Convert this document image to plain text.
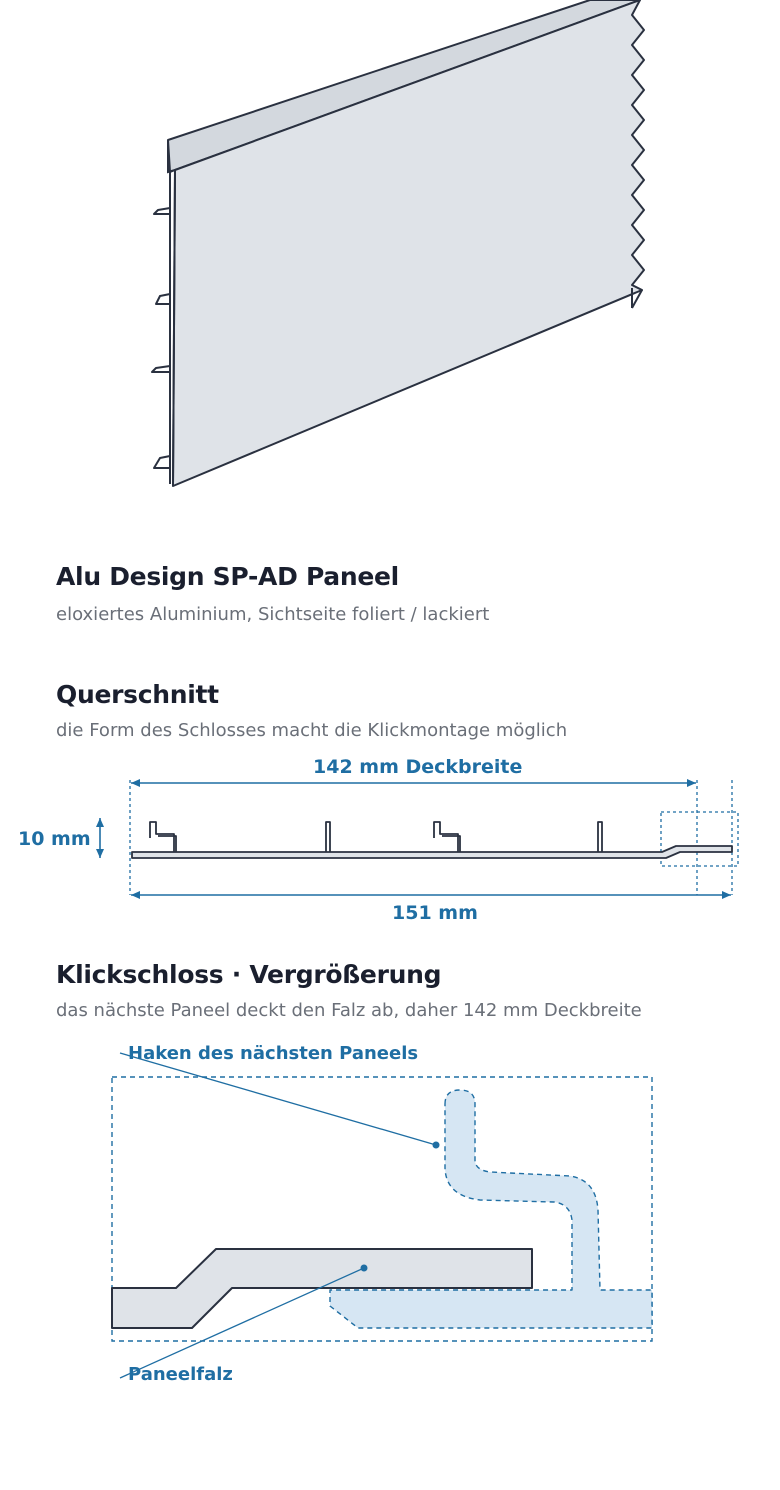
Alu Design SP-AD Paneel
eloxiertes Aluminium, Sichtseite foliert / lackiert
Querschnitt
die Form des Schlosses macht die Klickmontage möglich
142 mm Deckbreite
10 mm
151 mm
Klickschloss · Vergrößerung
das nächste Paneel deckt den Falz ab, daher 142 mm Deckbreite
Haken des nächsten Paneels
Paneelfalz
